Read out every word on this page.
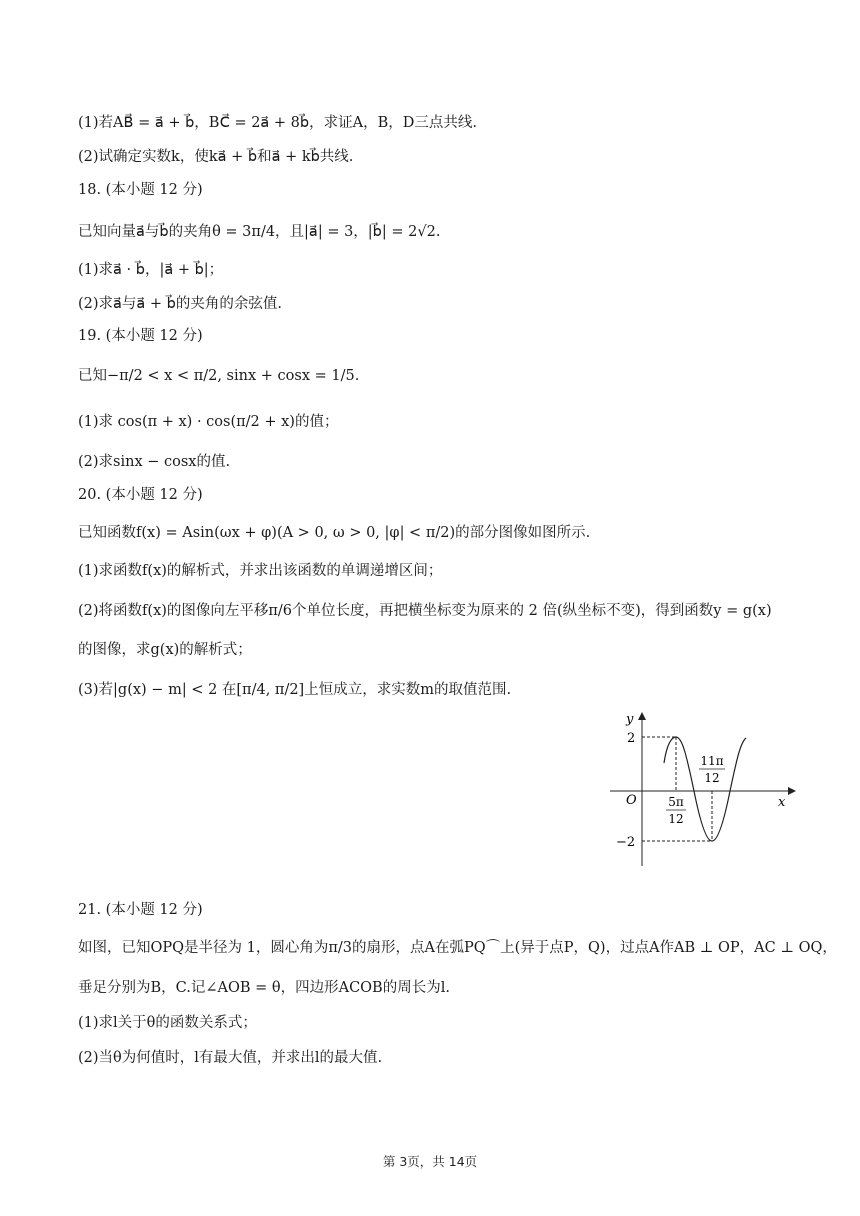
(1)若AB⃗ = a⃗ + b⃗，BC⃗ = 2a⃗ + 8b⃗，求证A，B，D三点共线.
(2)试确定实数k，使ka⃗ + b⃗和a⃗ + kb⃗共线.
18. (本小题 12 分)
已知向量a⃗与b⃗的夹角θ = 3π/4，且|a⃗| = 3，|b⃗| = 2√2.
(1)求a⃗ · b⃗，|a⃗ + b⃗|；
(2)求a⃗与a⃗ + b⃗的夹角的余弦值.
19. (本小题 12 分)
已知−π/2 < x < π/2, sinx + cosx = 1/5.
(1)求 cos(π + x) · cos(π/2 + x)的值；
(2)求sinx − cosx的值.
20. (本小题 12 分)
已知函数f(x) = Asin(ωx + φ)(A > 0, ω > 0, |φ| < π/2)的部分图像如图所示.
(1)求函数f(x)的解析式，并求出该函数的单调递增区间；
(2)将函数f(x)的图像向左平移π/6个单位长度，再把横坐标变为原来的 2 倍(纵坐标不变)，得到函数y = g(x)
的图像，求g(x)的解析式；
(3)若|g(x) − m| < 2 在[π/4, π/2]上恒成立，求实数m的取值范围.
y
x
O
2
−2
5π
12
11π
12
21. (本小题 12 分)
如图，已知OPQ是半径为 1，圆心角为π/3的扇形，点A在弧PQ⌒上(异于点P，Q)，过点A作AB ⊥ OP，AC ⊥ OQ，
垂足分别为B，C.记∠AOB = θ，四边形ACOB的周长为l.
(1)求l关于θ的函数关系式；
(2)当θ为何值时，l有最大值，并求出l的最大值.
第 3页，共 14页
